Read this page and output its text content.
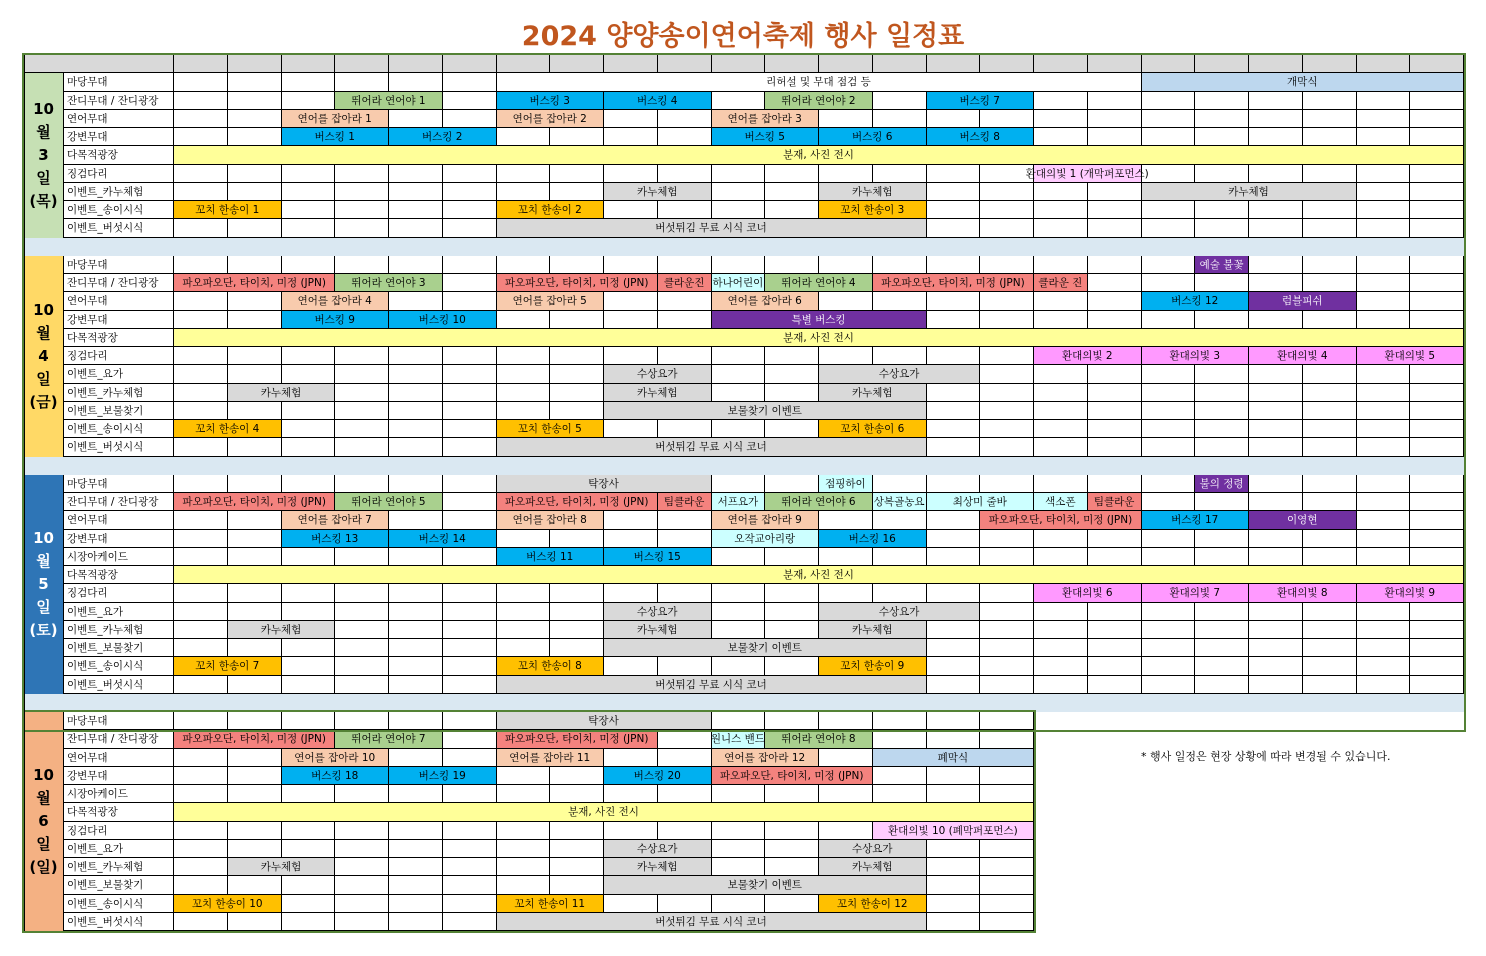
2024 양양송이연어축제 행사 일정표
10
월
3
일
(목)
마당무대	리허설 및 무대 점검 등	개막식
잔디무대 / 잔디광장	뛰어라 연어야 1	버스킹 3	버스킹 4	뛰어라 연어야 2	버스킹 7
연어무대	연어를 잡아라 1	연어를 잡아라 2	연어를 잡아라 3
강변무대	버스킹 1	버스킹 2	버스킹 5	버스킹 6	버스킹 8
다목적광장	분재, 사진 전시
징검다리	환대의빛 1 (개막퍼포먼스)
이벤트_카누체험	카누체험	카누체험	카누체험
이벤트_송이시식	꼬치 한송이 1	꼬치 한송이 2	꼬치 한송이 3
이벤트_버섯시식	버섯튀김 무료 시식 코너
10
월
4
일
(금)
마당무대	예술 불꽃
잔디무대 / 잔디광장	파오파오단, 타이치, 미정 (JPN)	뛰어라 연어야 3	파오파오단, 타이치, 미정 (JPN)	클라운진 하나어린이	뛰어라 연어야 4	파오파오단, 타이치, 미정 (JPN)	클라운 진
연어무대	연어를 잡아라 4	연어를 잡아라 5	연어를 잡아라 6	버스킹 12	럼블피쉬
강변무대	버스킹 9	버스킹 10	특별 버스킹
다목적광장	분재, 사진 전시
징검다리	환대의빛 2	환대의빛 3	환대의빛 4	환대의빛 5
이벤트_요가	수상요가	수상요가
이벤트_카누체험	카누체험	카누체험	카누체험
이벤트_보물찾기	보물찾기 이벤트
이벤트_송이시식	꼬치 한송이 4	꼬치 한송이 5	꼬치 한송이 6
이벤트_버섯시식	버섯튀김 무료 시식 코너
10
월
5
일
(토)
마당무대	탁장사	점핑하이	불의 정령
잔디무대 / 잔디광장	파오파오단, 타이치, 미정 (JPN)	뛰어라 연어야 5	파오파오단, 타이치, 미정 (JPN)	팀클라운	서프요가	뛰어라 연어야 6	상복골농요	최상미 줄바	색소폰	팀클라운
연어무대	연어를 잡아라 7	연어를 잡아라 8	연어를 잡아라 9	파오파오단, 타이치, 미정 (JPN)	버스킹 17	이영현
강변무대	버스킹 13	버스킹 14	오작교아리랑	버스킹 16
시장아케이드	버스킹 11	버스킹 15
다목적광장	분재, 사진 전시
징검다리	환대의빛 6	환대의빛 7	환대의빛 8	환대의빛 9
이벤트_요가	수상요가	수상요가
이벤트_카누체험	카누체험	카누체험	카누체험
이벤트_보물찾기	보물찾기 이벤트
이벤트_송이시식	꼬치 한송이 7	꼬치 한송이 8	꼬치 한송이 9
이벤트_버섯시식	버섯튀김 무료 시식 코너
10
월
6
일
(일)
마당무대	탁장사
잔디무대 / 잔디광장	파오파오단, 타이치, 미정 (JPN)	뛰어라 연어야 7	파오파오단, 타이치, 미정 (JPN)	원니스 밴드	뛰어라 연어야 8
연어무대	연어를 잡아라 10	연어를 잡아라 11	연어를 잡아라 12	폐막식
강변무대	버스킹 18	버스킹 19	버스킹 20	파오파오단, 타이치, 미정 (JPN)
시장아케이드
다목적광장	분재, 사진 전시
징검다리	환대의빛 10 (폐막퍼포먼스)
이벤트_요가	수상요가	수상요가
이벤트_카누체험	카누체험	카누체험	카누체험
이벤트_보물찾기	보물찾기 이벤트
이벤트_송이시식	꼬치 한송이 10	꼬치 한송이 11	꼬치 한송이 12
이벤트_버섯시식	버섯튀김 무료 시식 코너
* 행사 일정은 현장 상황에 따라 변경될 수 있습니다.
